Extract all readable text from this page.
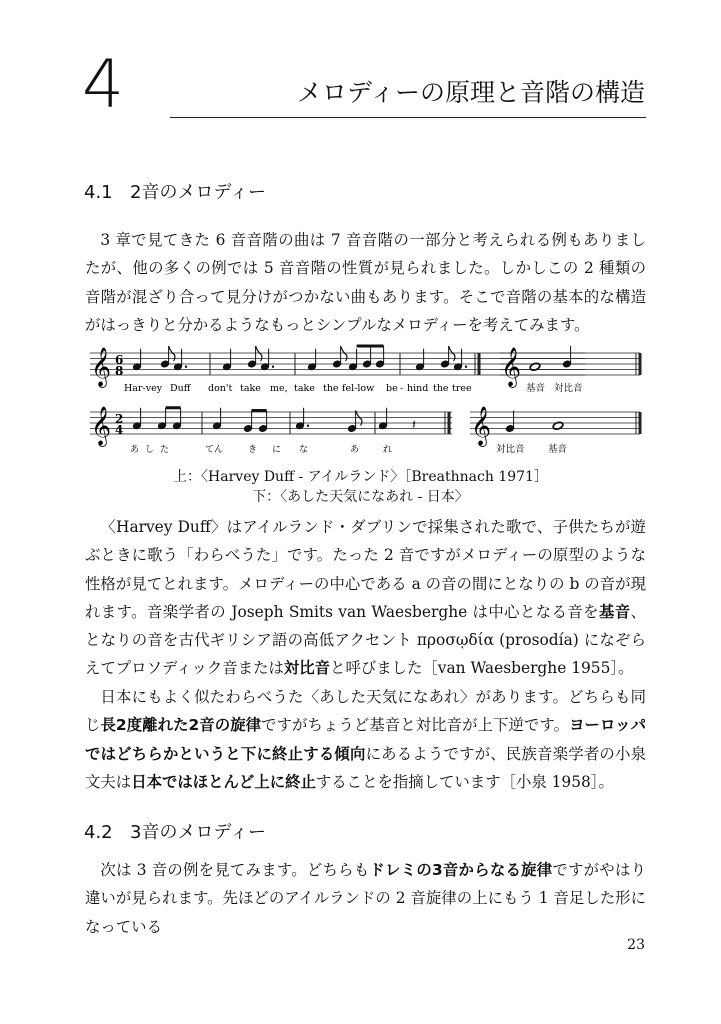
4	メロディーの原理と音階の構造
4.1 2音のメロディー
3 章で見てきた 6 音音階の曲は 7 音音階の一部分と考えられる例もありましたが、他の多くの例では 5 音音階の性質が見られました。しかしこの 2 種類の音階が混ざり合って見分けがつかない曲もあります。そこで音階の基本的な構造がはっきりと分かるようなもっとシンプルなメロディーを考えてみます。
𝄞 6
8	𝄞
Har-vey Duff don't take me, take the fel-low be - hind the tree	基音 対比音
𝄞 2
4	𝄽 𝄞
あ し た	てん	き に な	あ	れ	対比音 基音
上：〈Harvey Duff - アイルランド〉［Breathnach 1971］
下：〈あした天気になあれ - 日本〉
〈Harvey Duff〉はアイルランド・ダブリンで採集された歌で、子供たちが遊ぶときに歌う「わらべうた」です。たった 2 音ですがメロディーの原型のような性格が見てとれます。メロディーの中心である a の音の間にとなりの b の音が現れます。音楽学者の Joseph Smits van Waesberghe は中心となる音を基音、となりの音を古代ギリシア語の高低アクセント προσῳδία (prosodía) になぞらえてプロソディック音または対比音と呼びました［van Waesberghe 1955］。
日本にもよく似たわらべうた〈あした天気になあれ〉があります。どちらも同じ長2度離れた2音の旋律ですがちょうど基音と対比音が上下逆です。ヨーロッパではどちらかというと下に終止する傾向にあるようですが、民族音楽学者の小泉文夫は日本ではほとんど上に終止することを指摘しています［小泉 1958］。
4.2 3音のメロディー
次は 3 音の例を見てみます。どちらもドレミの3音からなる旋律ですがやはり違いが見られます。先ほどのアイルランドの 2 音旋律の上にもう 1 音足した形になっている
23
